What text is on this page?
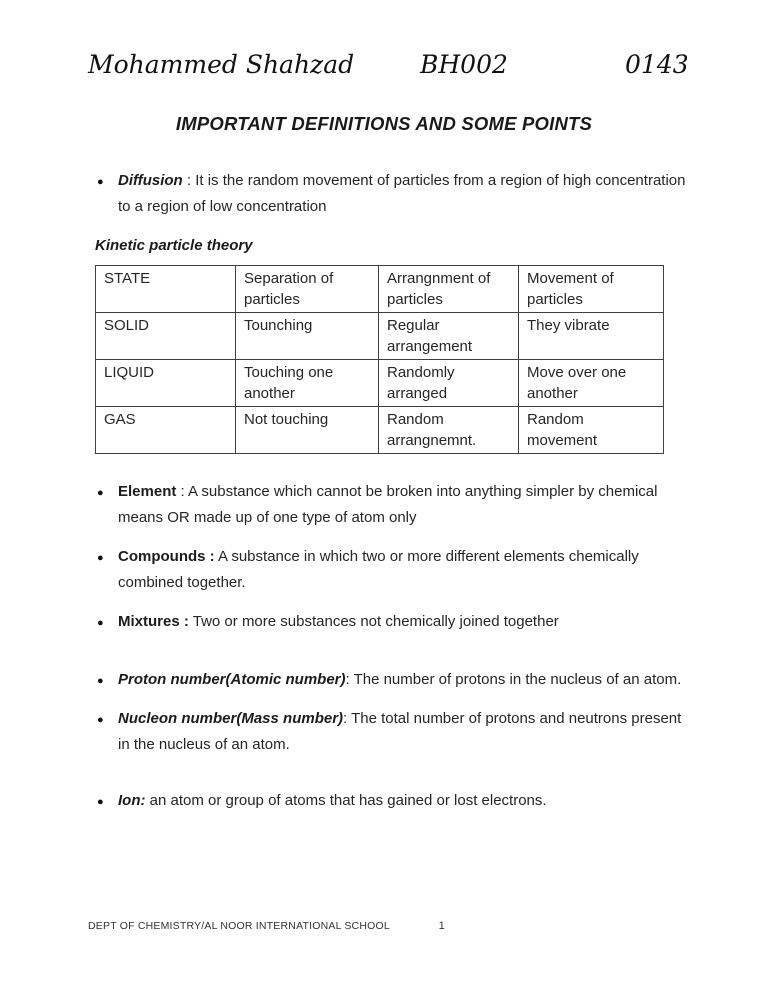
Mohammed Shahzad	BH002	0143
IMPORTANT DEFINITIONS AND SOME POINTS
● Diffusion : It is the random movement of particles from a region of high concentration to a region of low concentration
Kinetic particle theory
STATE	Separation of particles	Arrangnment of particles	Movement of particles
SOLID	Tounching	Regular arrangement	They vibrate
LIQUID	Touching one another	Randomly arranged	Move over one another
GAS	Not touching	Random arrangnemnt.	Random movement
● Element : A substance which cannot be broken into anything simpler by chemical means OR made up of one type of atom only
● Compounds : A substance in which two or more different elements chemically combined together.
● Mixtures : Two or more substances not chemically joined together
● Proton number(Atomic number): The number of protons in the nucleus of an atom.
● Nucleon number(Mass number): The total number of protons and neutrons present in the nucleus of an atom.
● Ion: an atom or group of atoms that has gained or lost electrons.
DEPT OF CHEMISTRY/AL NOOR INTERNATIONAL SCHOOL	1
